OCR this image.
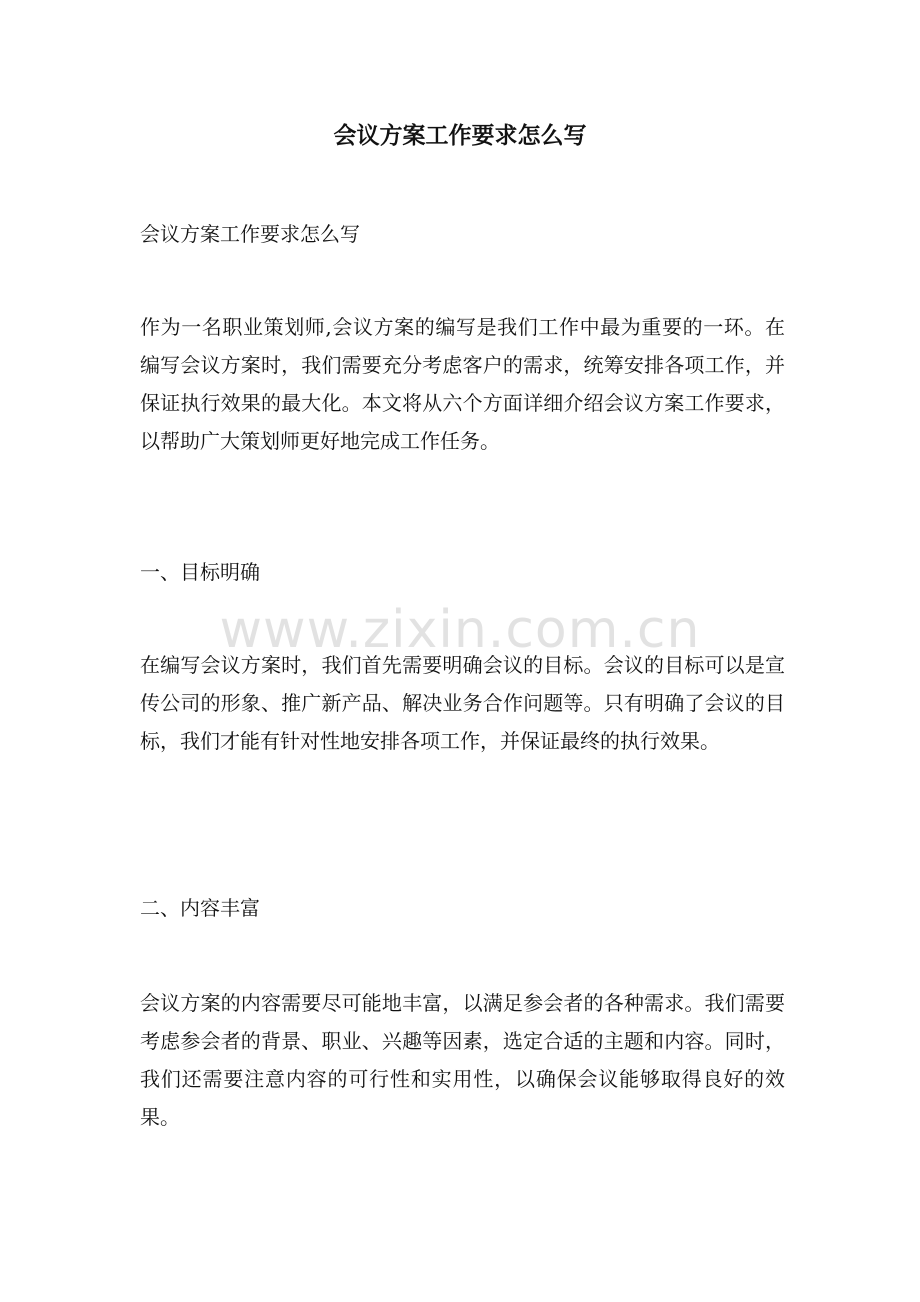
会议方案工作要求怎么写

会议方案工作要求怎么写

作为一名职业策划师,会议方案的编写是我们工作中最为重要的一环。在编写会议方案时，我们需要充分考虑客户的需求，统筹安排各项工作，并保证执行效果的最大化。本文将从六个方面详细介绍会议方案工作要求，以帮助广大策划师更好地完成工作任务。

一、目标明确

在编写会议方案时，我们首先需要明确会议的目标。会议的目标可以是宣传公司的形象、推广新产品、解决业务合作问题等。只有明确了会议的目标，我们才能有针对性地安排各项工作，并保证最终的执行效果。

二、内容丰富

会议方案的内容需要尽可能地丰富，以满足参会者的各种需求。我们需要考虑参会者的背景、职业、兴趣等因素，选定合适的主题和内容。同时，我们还需要注意内容的可行性和实用性，以确保会议能够取得良好的效果。

www.zixin.com.cn
